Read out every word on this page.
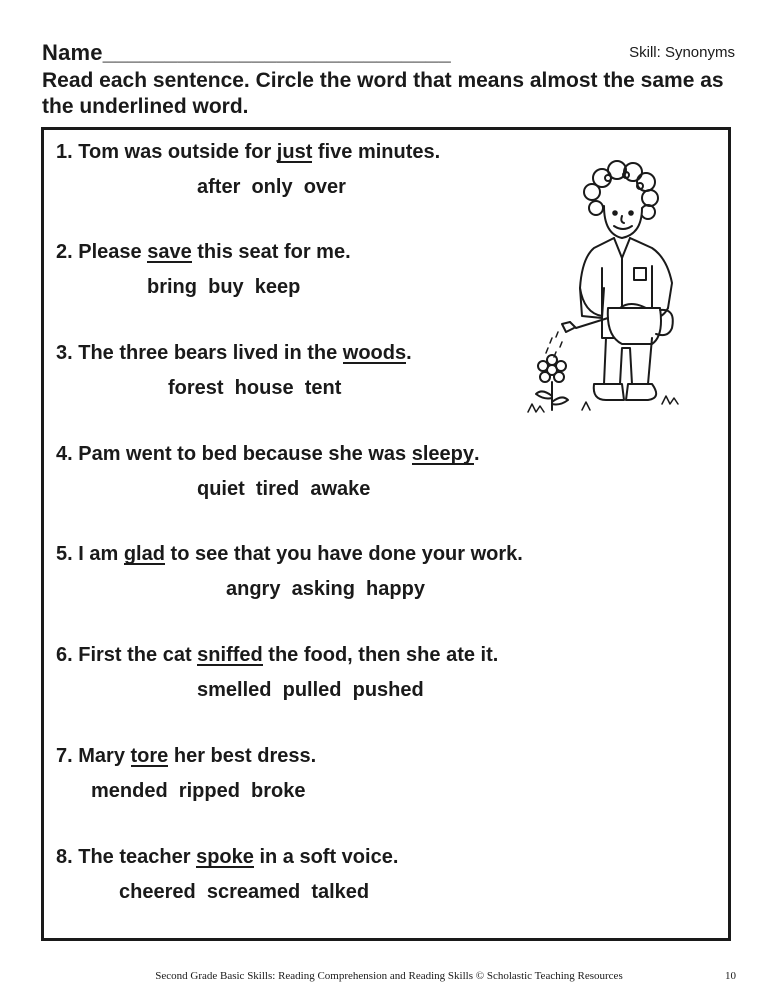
Name____________________________	Skill: Synonyms
Read each sentence. Circle the word that means almost the same as the underlined word.
1. Tom was outside for just five minutes.
after  only  over
2. Please save this seat for me.
bring  buy  keep
3. The three bears lived in the woods.
forest  house  tent
4. Pam went to bed because she was sleepy.
quiet  tired  awake
5. I am glad to see that you have done your work.
angry  asking  happy
6. First the cat sniffed the food, then she ate it.
smelled  pulled  pushed
7. Mary tore her best dress.
mended  ripped  broke
8. The teacher spoke in a soft voice.
cheered  screamed  talked
Second Grade Basic Skills: Reading Comprehension and Reading Skills © Scholastic Teaching Resources	10
